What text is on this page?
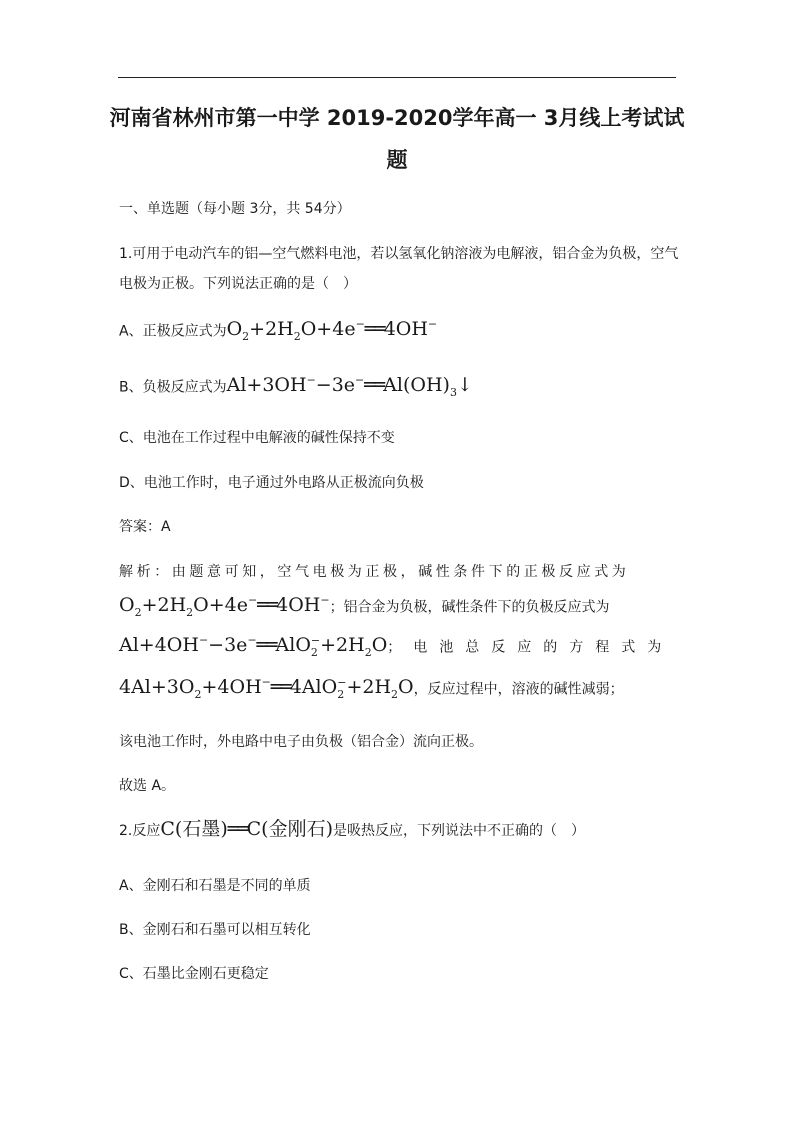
河南省林州市第一中学 2019-2020学年高一 3月线上考试试
题
一、单选题（每小题 3分，共 54分）
1.可用于电动汽车的铝—空气燃料电池，若以氢氧化钠溶液为电解液，铝合金为负极，空气
电极为正极。下列说法正确的是（　）
A、正极反应式为$O_2+2H_2O+4e^-══4OH^-$
B、负极反应式为$Al+3OH^--3e^-══Al(OH)_3↓$
C、电池在工作过程中电解液的碱性保持不变
D、电池工作时，电子通过外电路从正极流向负极
答案：A
解析：由题意可知，空气电极为正极，碱性条件下的正极反应式为
$O_2+2H_2O+4e^-══4OH^-$；铝合金为负极，碱性条件下的负极反应式为
$Al+4OH^--3e^-══AlO_2^-+2H_2O$；电池总反应的方程式为
$4Al+3O_2+4OH^-══4AlO_2^-+2H_2O$，反应过程中，溶液的碱性减弱；
该电池工作时，外电路中电子由负极（铝合金）流向正极。
故选 A。
2.反应C(石墨)══C(金刚石)是吸热反应，下列说法中不正确的（　）
A、金刚石和石墨是不同的单质
B、金刚石和石墨可以相互转化
C、石墨比金刚石更稳定
